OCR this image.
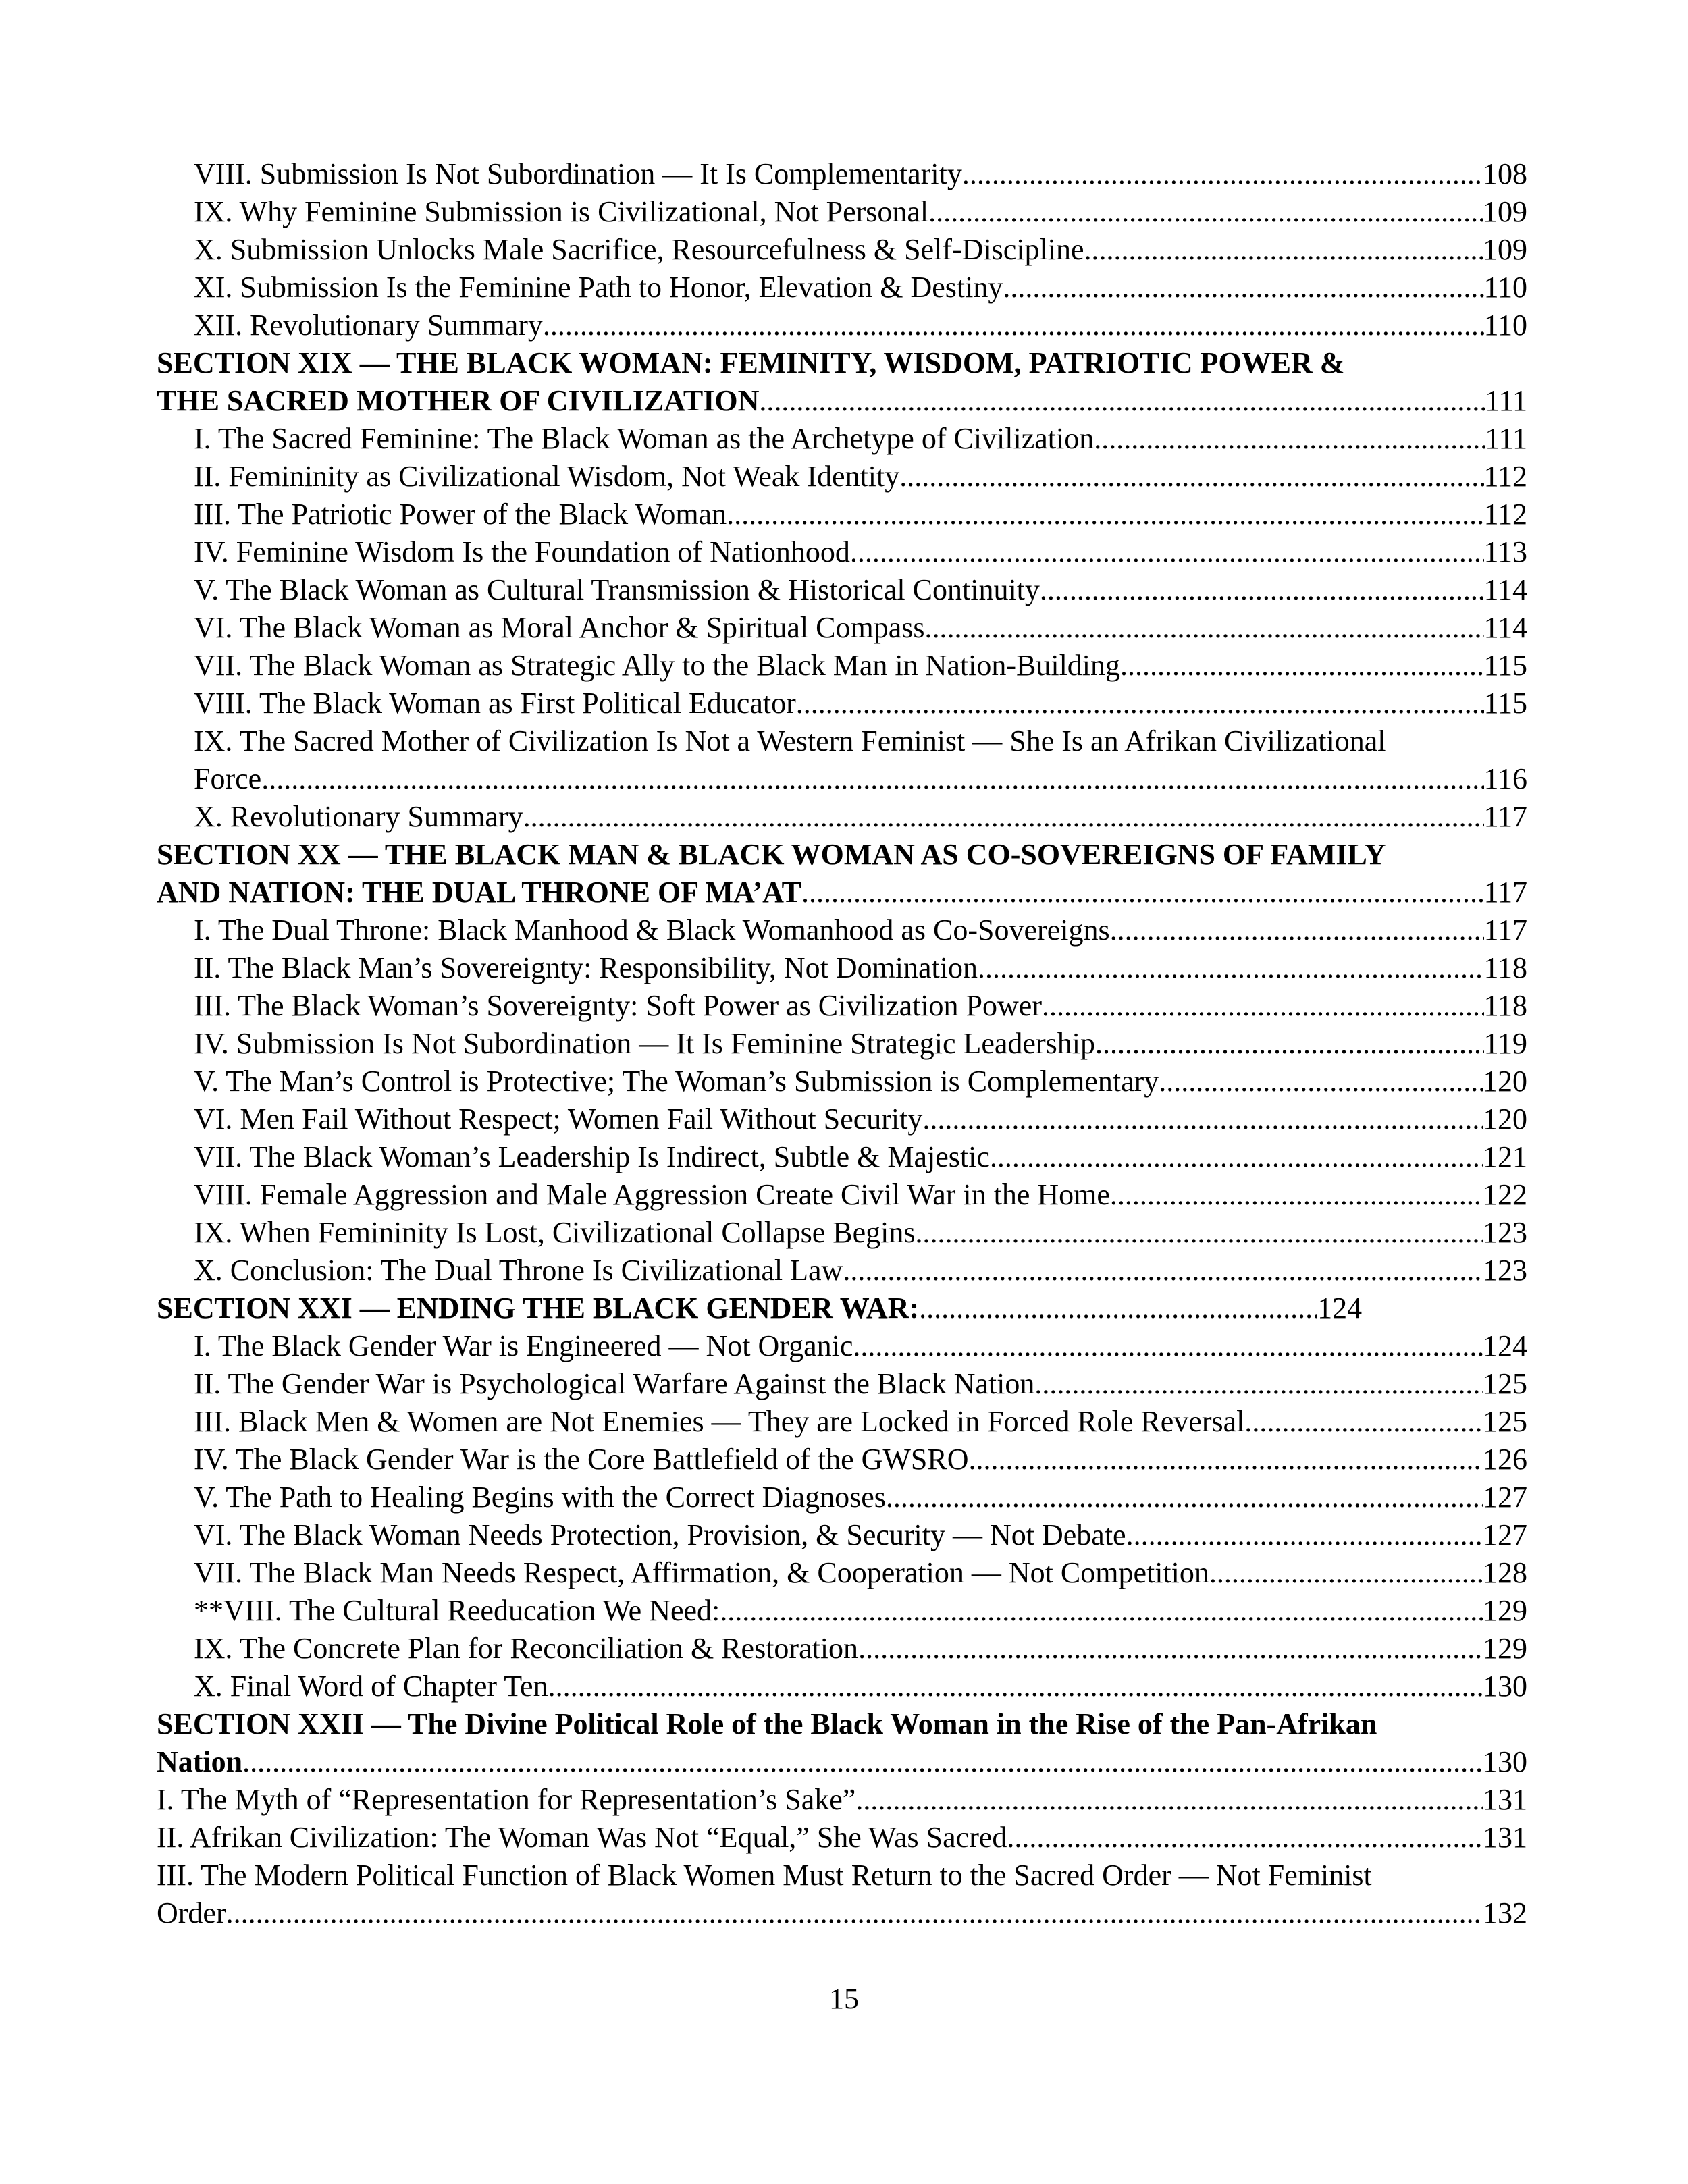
VIII. Submission Is Not Subordination — It Is Complementarity .....	108
IX. Why Feminine Submission is Civilizational, Not Personal .....	109
X. Submission Unlocks Male Sacrifice, Resourcefulness & Self-Discipline .....	109
XI. Submission Is the Feminine Path to Honor, Elevation & Destiny .....	110
XII. Revolutionary Summary .....	110
SECTION XIX — THE BLACK WOMAN: FEMINITY, WISDOM, PATRIOTIC POWER &
THE SACRED MOTHER OF CIVILIZATION .....	111
I. The Sacred Feminine: The Black Woman as the Archetype of Civilization .....	111
II. Femininity as Civilizational Wisdom, Not Weak Identity .....	112
III. The Patriotic Power of the Black Woman .....	112
IV. Feminine Wisdom Is the Foundation of Nationhood .....	113
V. The Black Woman as Cultural Transmission & Historical Continuity .....	114
VI. The Black Woman as Moral Anchor & Spiritual Compass .....	114
VII. The Black Woman as Strategic Ally to the Black Man in Nation-Building .....	115
VIII. The Black Woman as First Political Educator .....	115
IX. The Sacred Mother of Civilization Is Not a Western Feminist — She Is an Afrikan Civilizational
Force .....	116
X. Revolutionary Summary .....	117
SECTION XX — THE BLACK MAN & BLACK WOMAN AS CO-SOVEREIGNS OF FAMILY
AND NATION: THE DUAL THRONE OF MA’AT .....	117
I. The Dual Throne: Black Manhood & Black Womanhood as Co-Sovereigns .....	117
II. The Black Man’s Sovereignty: Responsibility, Not Domination .....	118
III. The Black Woman’s Sovereignty: Soft Power as Civilization Power .....	118
IV. Submission Is Not Subordination — It Is Feminine Strategic Leadership .....	119
V. The Man’s Control is Protective; The Woman’s Submission is Complementary .....	120
VI. Men Fail Without Respect; Women Fail Without Security .....	120
VII. The Black Woman’s Leadership Is Indirect, Subtle & Majestic .....	121
VIII. Female Aggression and Male Aggression Create Civil War in the Home .....	122
IX. When Femininity Is Lost, Civilizational Collapse Begins .....	123
X. Conclusion: The Dual Throne Is Civilizational Law .....	123
SECTION XXI — ENDING THE BLACK GENDER WAR: .....	124
I. The Black Gender War is Engineered — Not Organic .....	124
II. The Gender War is Psychological Warfare Against the Black Nation .....	125
III. Black Men & Women are Not Enemies — They are Locked in Forced Role Reversal .....	125
IV. The Black Gender War is the Core Battlefield of the GWSRO .....	126
V. The Path to Healing Begins with the Correct Diagnoses .....	127
VI. The Black Woman Needs Protection, Provision, & Security — Not Debate .....	127
VII. The Black Man Needs Respect, Affirmation, & Cooperation — Not Competition .....	128
**VIII. The Cultural Reeducation We Need: .....	129
IX. The Concrete Plan for Reconciliation & Restoration .....	129
X. Final Word of Chapter Ten .....	130
SECTION XXII — The Divine Political Role of the Black Woman in the Rise of the Pan-Afrikan
Nation .....	130
I. The Myth of “Representation for Representation’s Sake” .....	131
II. Afrikan Civilization: The Woman Was Not “Equal,” She Was Sacred .....	131
III. The Modern Political Function of Black Women Must Return to the Sacred Order — Not Feminist
Order .....	132
15
